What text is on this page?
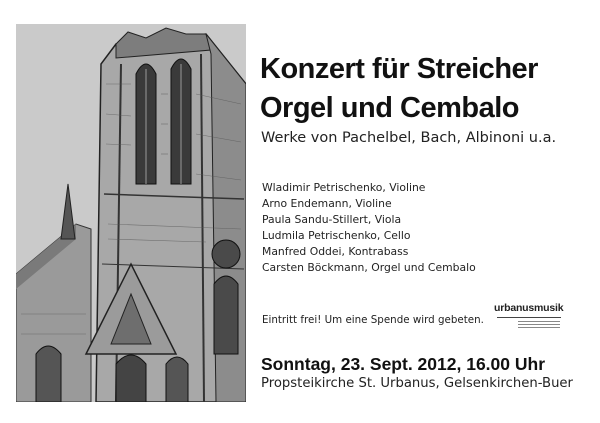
Konzert für Streicher
Orgel und Cembalo
Werke von Pachelbel, Bach, Albinoni u.a.
Wladimir Petrischenko, Violine
Arno Endemann, Violine
Paula Sandu-Stillert, Viola
Ludmila Petrischenko, Cello
Manfred Oddei, Kontrabass
Carsten Böckmann, Orgel und Cembalo
Eintritt frei! Um eine Spende wird gebeten.
urbanusmusik
Sonntag, 23. Sept. 2012, 16.00 Uhr
Propsteikirche St. Urbanus, Gelsenkirchen-Buer
